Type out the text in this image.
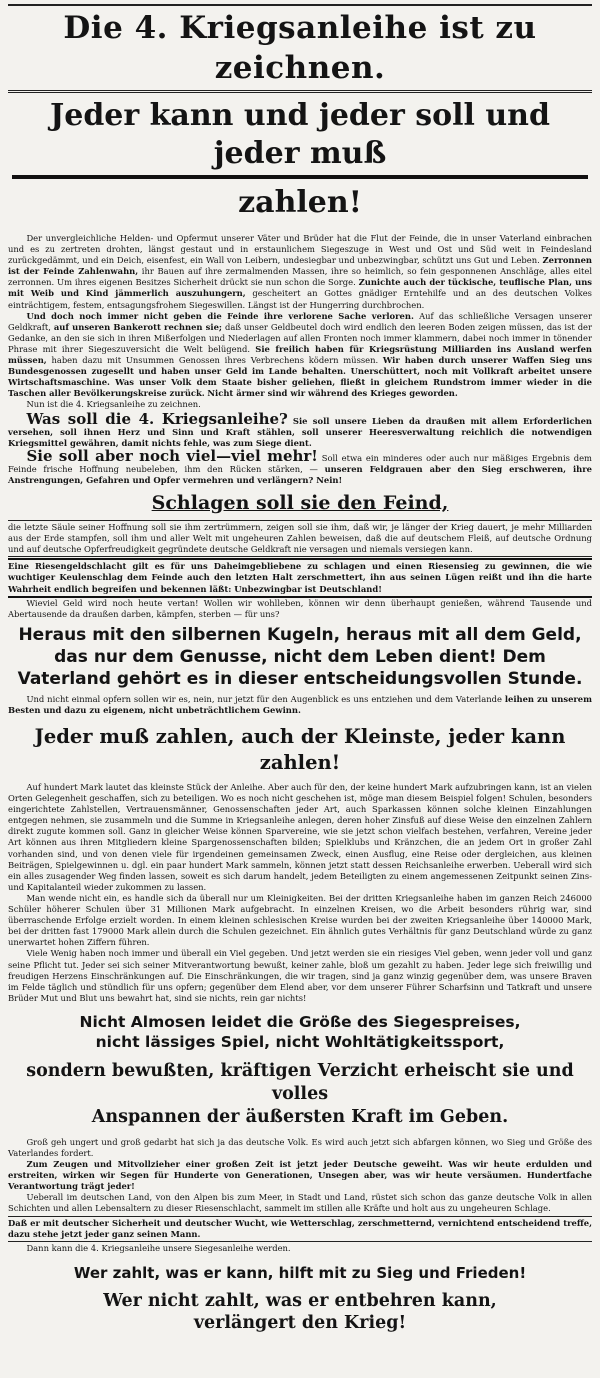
Die 4. Kriegsanleihe ist zu zeichnen.
Jeder kann und jeder soll und jeder muß
zahlen!

Der unvergleichliche Helden- und Opfermut unserer Väter und Brüder hat die Flut der Feinde, die in unser Vaterland einbrachen und es zu zertreten drohten, längst gestaut und in erstaunlichem Siegeszuge in West und Ost und Süd weit in Feindesland zurückgedämmt, und ein Deich, eisenfest, ein Wall von Leibern, undesiegbar und unbezwingbar, schützt uns Gut und Leben. Zerronnen ist der Feinde Zahlenwahn, ihr Bauen auf ihre zermalmenden Massen, ihre so heimlich, so fein gesponnenen Anschläge, alles eitel zerronnen. Um ihres eigenen Besitzes Sicherheit drückt sie nun schon die Sorge. Zunichte auch der tückische, teuflische Plan, uns mit Weib und Kind jämmerlich auszuhungern, gescheitert an Gottes gnädiger Erntehilfe und an des deutschen Volkes einträchtigem, festem, entsagungsfrohem Siegeswillen. Längst ist der Hungerring durchbrochen.

Und doch noch immer nicht geben die Feinde ihre verlorene Sache verloren. Auf das schließliche Versagen unserer Geldkraft, auf unseren Bankerott rechnen sie; daß unser Geldbeutel doch wird endlich den leeren Boden zeigen müssen, das ist der Gedanke, an den sie sich in ihren Mißerfolgen und Niederlagen auf allen Fronten noch immer klammern, dabei noch immer in tönender Phrase mit ihrer Siegeszuversicht die Welt belügend. Sie freilich haben für Kriegsrüstung Milliarden ins Ausland werfen müssen, haben dazu mit Unsummen Genossen ihres Verbrechens ködern müssen. Wir haben durch unserer Waffen Sieg uns Bundesgenossen zugesellt und haben unser Geld im Lande behalten. Unerschüttert, noch mit Vollkraft arbeitet unsere Wirtschaftsmaschine. Was unser Volk dem Staate bisher geliehen, fließt in gleichem Rundstrom immer wieder in die Taschen aller Bevölkerungskreise zurück. Nicht ärmer sind wir während des Krieges geworden.

Nun ist die 4. Kriegsanleihe zu zeichnen.

Was soll die 4. Kriegsanleihe? Sie soll unsere Lieben da draußen mit allem Erforderlichen versehen, soll ihnen Herz und Sinn und Kraft stählen, soll unserer Heeresverwaltung reichlich die notwendigen Kriegsmittel gewähren, damit nichts fehle, was zum Siege dient.

Sie soll aber noch viel—viel mehr! Soll etwa ein minderes oder auch nur mäßiges Ergebnis dem Feinde frische Hoffnung neubeleben, ihm den Rücken stärken, — unseren Feldgrauen aber den Sieg erschweren, ihre Anstrengungen, Gefahren und Opfer vermehren und verlängern? Nein!

Schlagen soll sie den Feind,

die letzte Säule seiner Hoffnung soll sie ihm zertrümmern, zeigen soll sie ihm, daß wir, je länger der Krieg dauert, je mehr Milliarden aus der Erde stampfen, soll ihm und aller Welt mit ungeheuren Zahlen beweisen, daß die auf deutschem Fleiß, auf deutsche Ordnung und auf deutsche Opferfreudigkeit gegründete deutsche Geldkraft nie versagen und niemals versiegen kann.

Eine Riesengeldschlacht gilt es für uns Daheimgebliebene zu schlagen und einen Riesensieg zu gewinnen, die wie wuchtiger Keulenschlag dem Feinde auch den letzten Halt zerschmettert, ihn aus seinen Lügen reißt und ihn die harte Wahrheit endlich begreifen und bekennen läßt: Unbezwingbar ist Deutschland!

Wieviel Geld wird noch heute vertan! Wollen wir wohlleben, können wir denn überhaupt genießen, während Tausende und Abertausende da draußen darben, kämpfen, sterben — für uns?

Heraus mit den silbernen Kugeln, heraus mit all dem Geld, das nur dem Genusse, nicht dem Leben dient! Dem Vaterland gehört es in dieser entscheidungsvollen Stunde.

Und nicht einmal opfern sollen wir es, nein, nur jetzt für den Augenblick es uns entziehen und dem Vaterlande leihen zu unserem Besten und dazu zu eigenem, nicht unbeträchtlichem Gewinn.

Jeder muß zahlen, auch der Kleinste, jeder kann zahlen!

Auf hundert Mark lautet das kleinste Stück der Anleihe. Aber auch für den, der keine hundert Mark aufzubringen kann, ist an vielen Orten Gelegenheit geschaffen, sich zu beteiligen. Wo es noch nicht geschehen ist, möge man diesem Beispiel folgen! Schulen, besonders eingerichtete Zahlstellen, Vertrauensmänner, Genossenschaften jeder Art, auch Sparkassen können solche kleinen Einzahlungen entgegen nehmen, sie zusammeln und die Summe in Kriegsanleihe anlegen, deren hoher Zinsfuß auf diese Weise den einzelnen Zahlern direkt zugute kommen soll. Ganz in gleicher Weise können Sparvereine, wie sie jetzt schon vielfach bestehen, verfahren, Vereine jeder Art können aus ihren Mitgliedern kleine Spargenossenschaften bilden; Spielklubs und Kränzchen, die an jedem Ort in großer Zahl vorhanden sind, und von denen viele für irgendeinen gemeinsamen Zweck, einen Ausflug, eine Reise oder dergleichen, aus kleinen Beiträgen, Spielgewinnen u. dgl. ein paar hundert Mark sammeln, können jetzt statt dessen Reichsanleihe erwerben. Ueberall wird sich ein alles zusagender Weg finden lassen, soweit es sich darum handelt, jedem Beteiligten zu einem angemessenen Zeitpunkt seinen Zins- und Kapitalanteil wieder zukommen zu lassen.

Man wende nicht ein, es handle sich da überall nur um Kleinigkeiten. Bei der dritten Kriegsanleihe haben im ganzen Reich 246000 Schüler höherer Schulen über 31 Millionen Mark aufgebracht. In einzelnen Kreisen, wo die Arbeit besonders rührig war, sind überraschende Erfolge erzielt worden. In einem kleinen schlesischen Kreise wurden bei der zweiten Kriegsanleihe über 140000 Mark, bei der dritten fast 179000 Mark allein durch die Schulen gezeichnet. Ein ähnlich gutes Verhältnis für ganz Deutschland würde zu ganz unerwartet hohen Ziffern führen.

Viele Wenig haben noch immer und überall ein Viel gegeben. Und jetzt werden sie ein riesiges Viel geben, wenn jeder voll und ganz seine Pflicht tut. Jeder sei sich seiner Mitverantwortung bewußt, keiner zahle, bloß um gezahlt zu haben. Jeder lege sich freiwillig und freudigen Herzens Einschränkungen auf. Die Einschränkungen, die wir tragen, sind ja ganz winzig gegenüber dem, was unsere Braven im Felde täglich und stündlich für uns opfern; gegenüber dem Elend aber, vor dem unserer Führer Scharfsinn und Tatkraft und unsere Brüder Mut und Blut uns bewahrt hat, sind sie nichts, rein gar nichts!

Nicht Almosen leidet die Größe des Siegespreises,
nicht lässiges Spiel, nicht Wohltätigkeitssport,
sondern bewußten, kräftigen Verzicht erheischt sie und volles
Anspannen der äußersten Kraft im Geben.

Groß geh ungert und groß gedarbt hat sich ja das deutsche Volk. Es wird auch jetzt sich abfargen können, wo Sieg und Größe des Vaterlandes fordert.

Zum Zeugen und Mitvollzieher einer großen Zeit ist jetzt jeder Deutsche geweiht. Was wir heute erdulden und erstreiten, wirken wir Segen für Hunderte von Generationen, Unsegen aber, was wir heute versäumen. Hundertfache Verantwortung trägt jeder!

Ueberall im deutschen Land, von den Alpen bis zum Meer, in Stadt und Land, rüstet sich schon das ganze deutsche Volk in allen Schichten und allen Lebensaltern zu dieser Riesenschlacht, sammelt im stillen alle Kräfte und holt aus zu ungeheuren Schlage.

Daß er mit deutscher Sicherheit und deutscher Wucht, wie Wetterschlag, zerschmetternd, vernichtend entscheidend treffe, dazu stehe jetzt jeder ganz seinen Mann.

Dann kann die 4. Kriegsanleihe unsere Siegesanleihe werden.

Wer zahlt, was er kann, hilft mit zu Sieg und Frieden!
Wer nicht zahlt, was er entbehren kann,
verlängert den Krieg!
